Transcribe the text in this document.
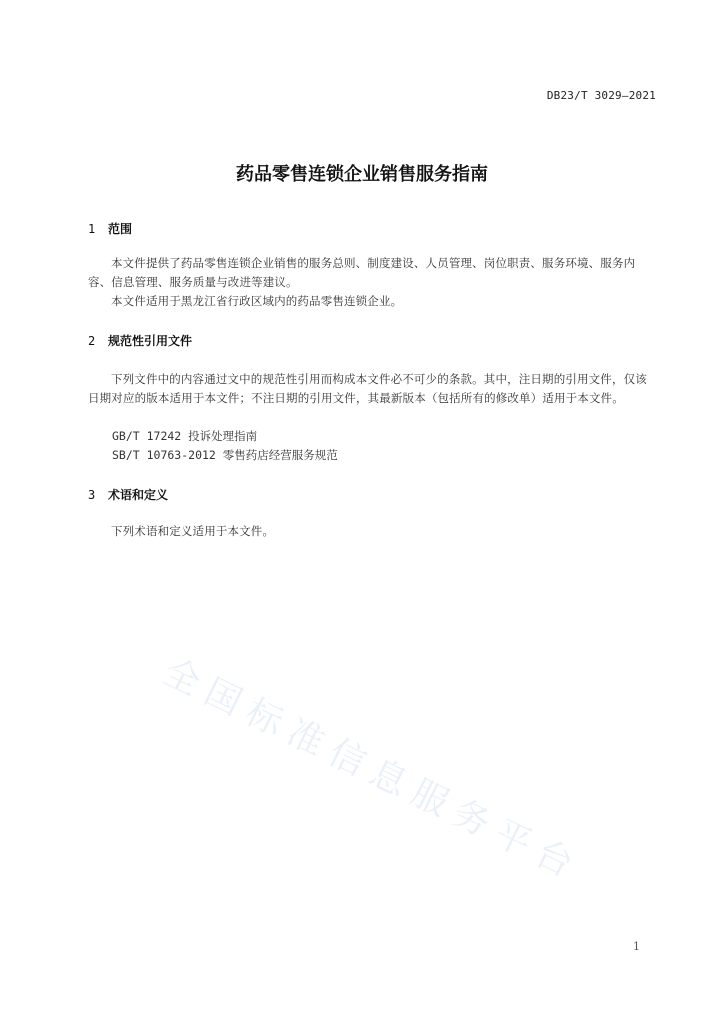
DB23/T 3029—2021
药品零售连锁企业销售服务指南
1 范围
本文件提供了药品零售连锁企业销售的服务总则、制度建设、人员管理、岗位职责、服务环境、服务内容、信息管理、服务质量与改进等建议。
本文件适用于黑龙江省行政区域内的药品零售连锁企业。
2 规范性引用文件
下列文件中的内容通过文中的规范性引用而构成本文件必不可少的条款。其中，注日期的引用文件，仅该日期对应的版本适用于本文件；不注日期的引用文件，其最新版本（包括所有的修改单）适用于本文件。
GB/T 17242 投诉处理指南
SB/T 10763-2012 零售药店经营服务规范
3 术语和定义
下列术语和定义适用于本文件。
1
全国标准信息服务平台
